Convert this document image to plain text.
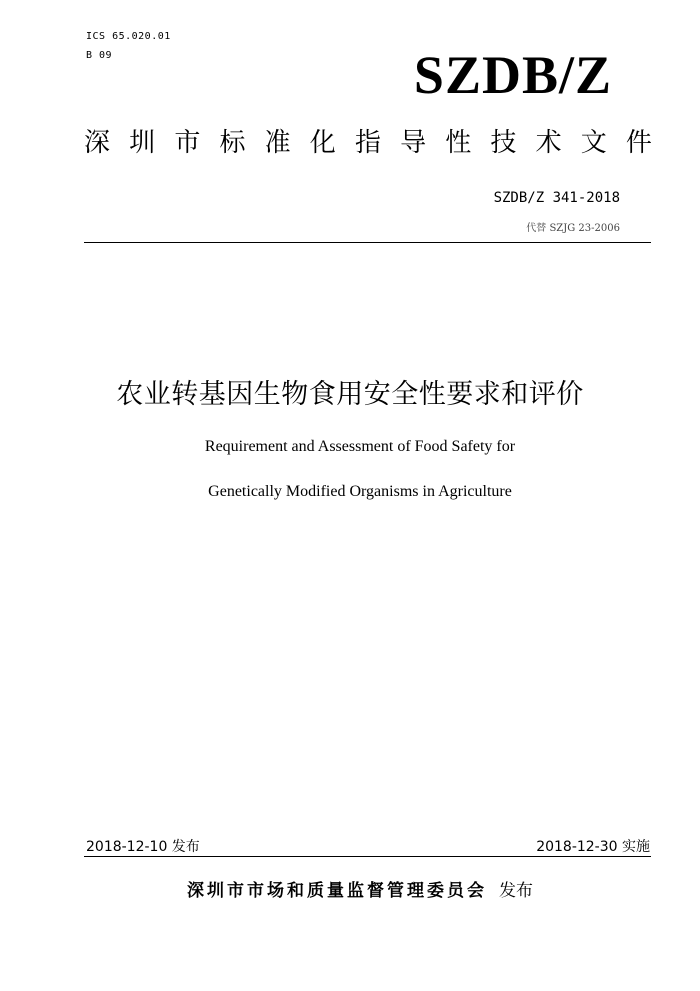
ICS 65.020.01
B 09	SZDB/Z
深 圳 市 标 准 化 指 导 性 技 术 文 件
SZDB/Z 341-2018
代替 SZJG 23-2006
农业转基因生物食用安全性要求和评价
Requirement and Assessment of Food Safety for
Genetically Modified Organisms in Agriculture
2018-12-10 发布	2018-12-30 实施
深圳市市场和质量监督管理委员会 发布
